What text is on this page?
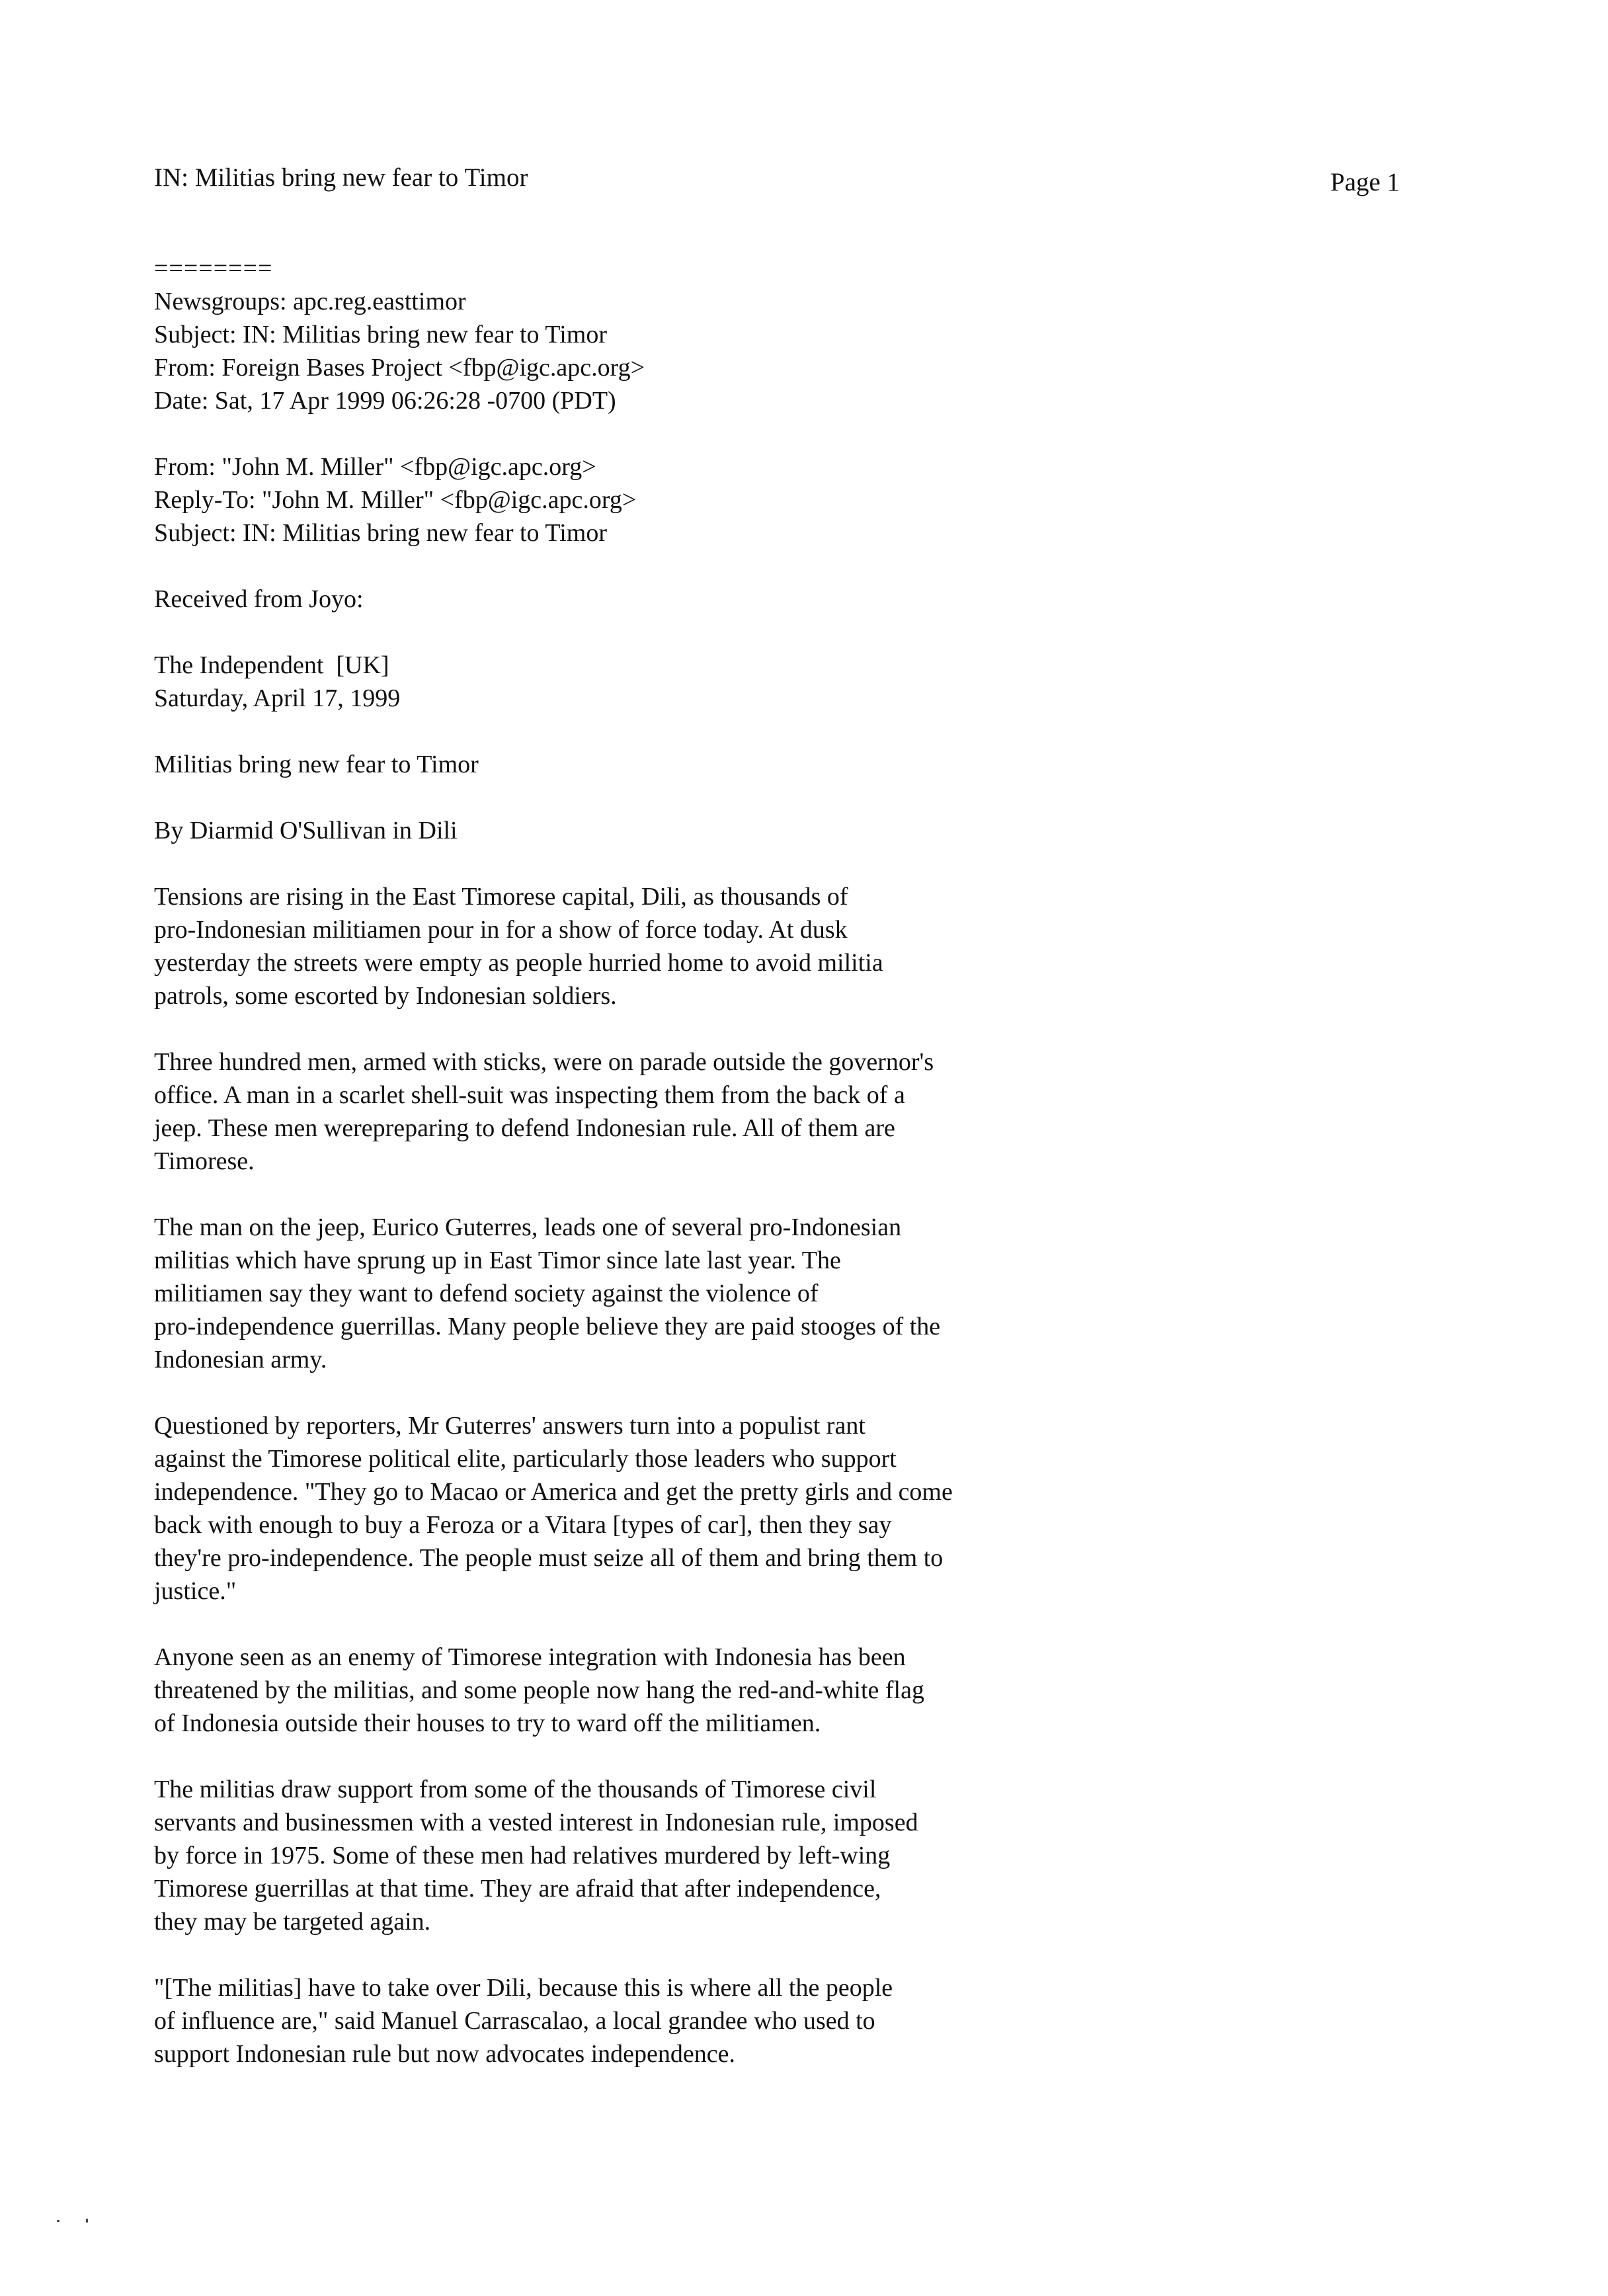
IN: Militias bring new fear to Timor	Page 1
========
Newsgroups: apc.reg.easttimor
Subject: IN: Militias bring new fear to Timor
From: Foreign Bases Project <fbp@igc.apc.org>
Date: Sat, 17 Apr 1999 06:26:28 -0700 (PDT)
From: "John M. Miller" <fbp@igc.apc.org>
Reply-To: "John M. Miller" <fbp@igc.apc.org>
Subject: IN: Militias bring new fear to Timor
Received from Joyo:
The Independent  [UK]
Saturday, April 17, 1999
Militias bring new fear to Timor
By Diarmid O'Sullivan in Dili
Tensions are rising in the East Timorese capital, Dili, as thousands of
pro-Indonesian militiamen pour in for a show of force today. At dusk
yesterday the streets were empty as people hurried home to avoid militia
patrols, some escorted by Indonesian soldiers.
Three hundred men, armed with sticks, were on parade outside the governor's
office. A man in a scarlet shell-suit was inspecting them from the back of a
jeep. These men werepreparing to defend Indonesian rule. All of them are
Timorese.
The man on the jeep, Eurico Guterres, leads one of several pro-Indonesian
militias which have sprung up in East Timor since late last year. The
militiamen say they want to defend society against the violence of
pro-independence guerrillas. Many people believe they are paid stooges of the
Indonesian army.
Questioned by reporters, Mr Guterres' answers turn into a populist rant
against the Timorese political elite, particularly those leaders who support
independence. "They go to Macao or America and get the pretty girls and come
back with enough to buy a Feroza or a Vitara [types of car], then they say
they're pro-independence. The people must seize all of them and bring them to
justice."
Anyone seen as an enemy of Timorese integration with Indonesia has been
threatened by the militias, and some people now hang the red-and-white flag
of Indonesia outside their houses to try to ward off the militiamen.
The militias draw support from some of the thousands of Timorese civil
servants and businessmen with a vested interest in Indonesian rule, imposed
by force in 1975. Some of these men had relatives murdered by left-wing
Timorese guerrillas at that time. They are afraid that after independence,
they may be targeted again.
"[The militias] have to take over Dili, because this is where all the people
of influence are," said Manuel Carrascalao, a local grandee who used to
support Indonesian rule but now advocates independence.
